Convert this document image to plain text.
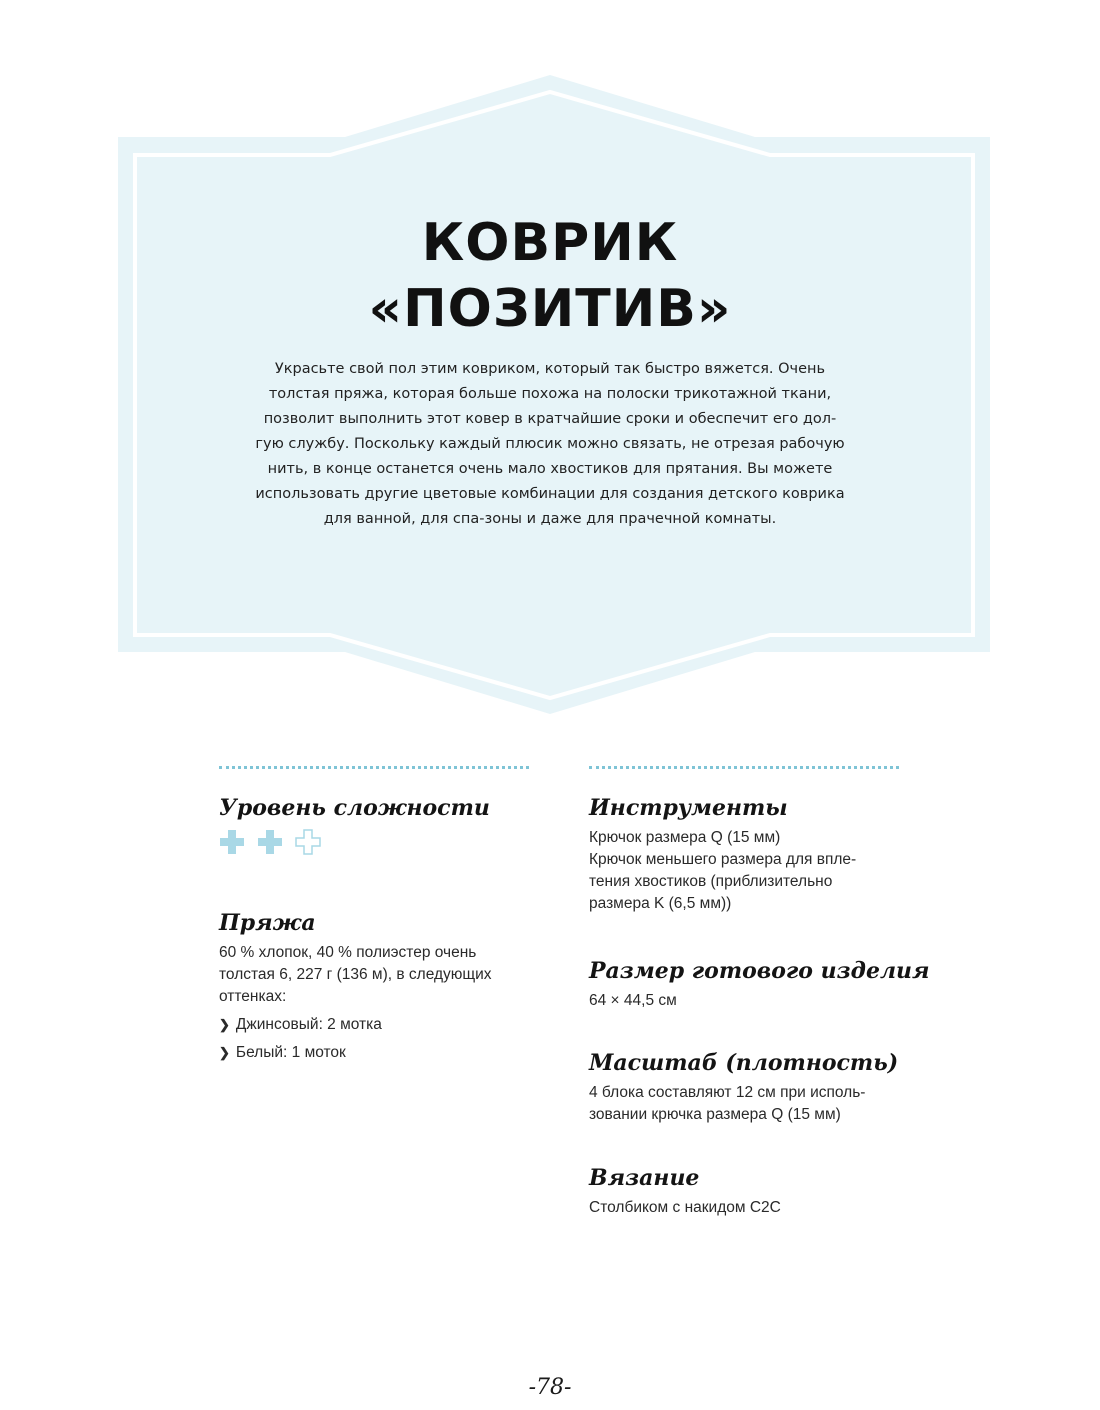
КОВРИК
«ПОЗИТИВ»
Украсьте свой пол этим ковриком, который так быстро вяжется. Очень
толстая пряжа, которая больше похожа на полоски трикотажной ткани,
позволит выполнить этот ковер в кратчайшие сроки и обеспечит его дол-
гую службу. Поскольку каждый плюсик можно связать, не отрезая рабочую
нить, в конце останется очень мало хвостиков для прятания. Вы можете
использовать другие цветовые комбинации для создания детского коврика
для ванной, для спа-зоны и даже для прачечной комнаты.
Уровень сложности
Пряжа
60 % хлопок, 40 % полиэстер очень
толстая 6, 227 г (136 м), в следующих
оттенках:
❯ Джинсовый: 2 мотка
❯ Белый: 1 моток
Инструменты
Крючок размера Q (15 мм)
Крючок меньшего размера для впле-
тения хвостиков (приблизительно
размера K (6,5 мм))
Размер готового изделия
64 × 44,5 см
Масштаб (плотность)
4 блока составляют 12 см при исполь-
зовании крючка размера Q (15 мм)
Вязание
Столбиком с накидом C2C
-78-
